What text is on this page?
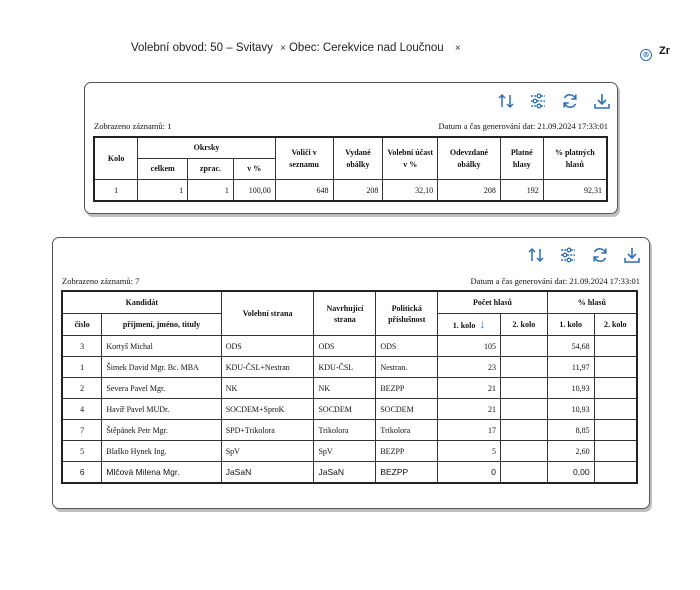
Volební obvod: 50 – Svitavy × Obec: Cerekvice nad Loučnou ×
⊗ Zr
Zobrazeno záznamů: 1	Datum a čas generování dat: 21.09.2024 17:33:01
Kolo	Okrsky			Voliči v seznamu	Vydané obálky	Volební účast v %	Odevzdané obálky	Platné hlasy	% platných hlasů
	celkem	zprac.	v %						
1	1	1	100,00	648	208	32,10	208	192	92,31
Zobrazeno záznamů: 7	Datum a čas generování dat: 21.09.2024 17:33:01
Kandidát		Volební strana	Navrhující strana	Politická příslušnost	Počet hlasů		% hlasů	
číslo	příjmení, jméno, tituly				1. kolo ↓	2. kolo	1. kolo	2. kolo
3	Kortyš Michal	ODS	ODS	ODS	105		54,68	
1	Šimek David Mgr. Bc. MBA	KDU-ČSL+Nestran	KDU-ČSL	Nestran.	23		11,97	
2	Severa Pavel Mgr.	NK	NK	BEZPP	21		10,93	
4	Havíř Pavel MUDr.	SOCDEM+SproK	SOCDEM	SOCDEM	21		10,93	
7	Štěpánek Petr Mgr.	SPD+Trikolora	Trikolora	Trikolora	17		8,85	
5	Blaško Hynek Ing.	SpV	SpV	BEZPP	5		2,60	
6	Mlčová Milena Mgr.	JaSaN	JaSaN	BEZPP	0		0,00	
